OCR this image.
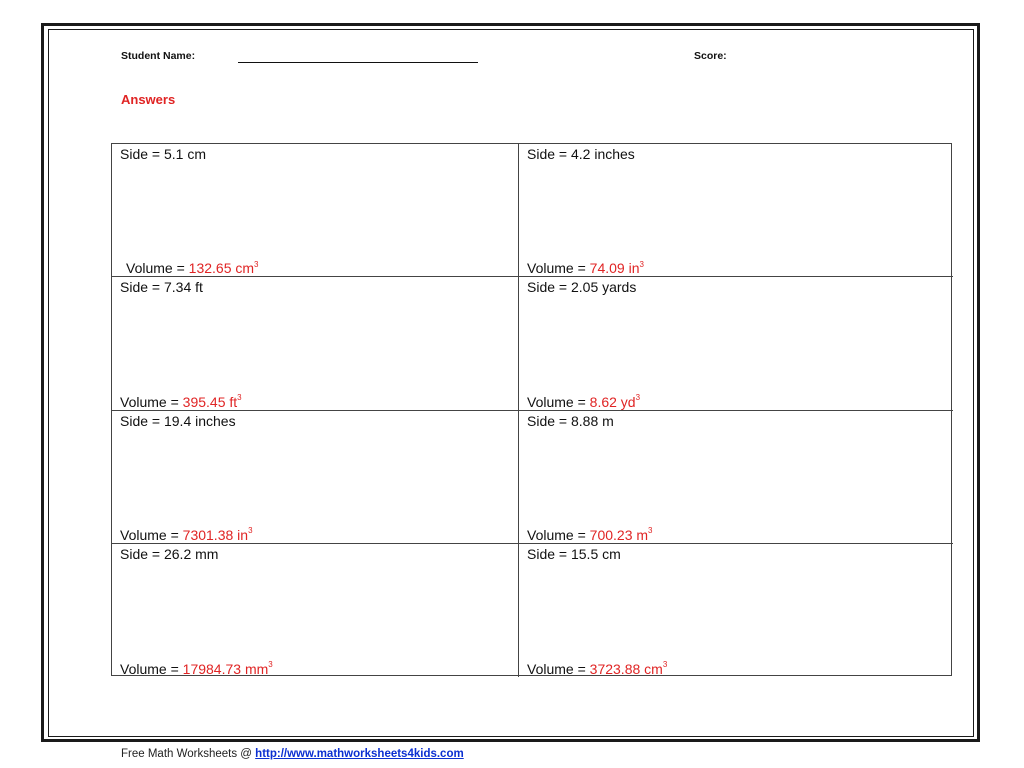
Student Name:	Score:
Answers
Side = 5.1 cm
Volume = 132.65 $cm^3$
Side = 4.2 inches
Volume = 74.09 $in^3$
Side = 7.34 ft
Volume = 395.45 $ft^3$
Side = 2.05 yards
Volume = 8.62 $yd^3$
Side = 19.4 inches
Volume = 7301.38 $in^3$
Side = 8.88 m
Volume = 700.23 $m^3$
Side = 26.2 mm
Volume = 17984.73 $mm^3$
Side = 15.5 cm
Volume = 3723.88 $cm^3$
Free Math Worksheets @ http://www.mathworksheets4kids.com
